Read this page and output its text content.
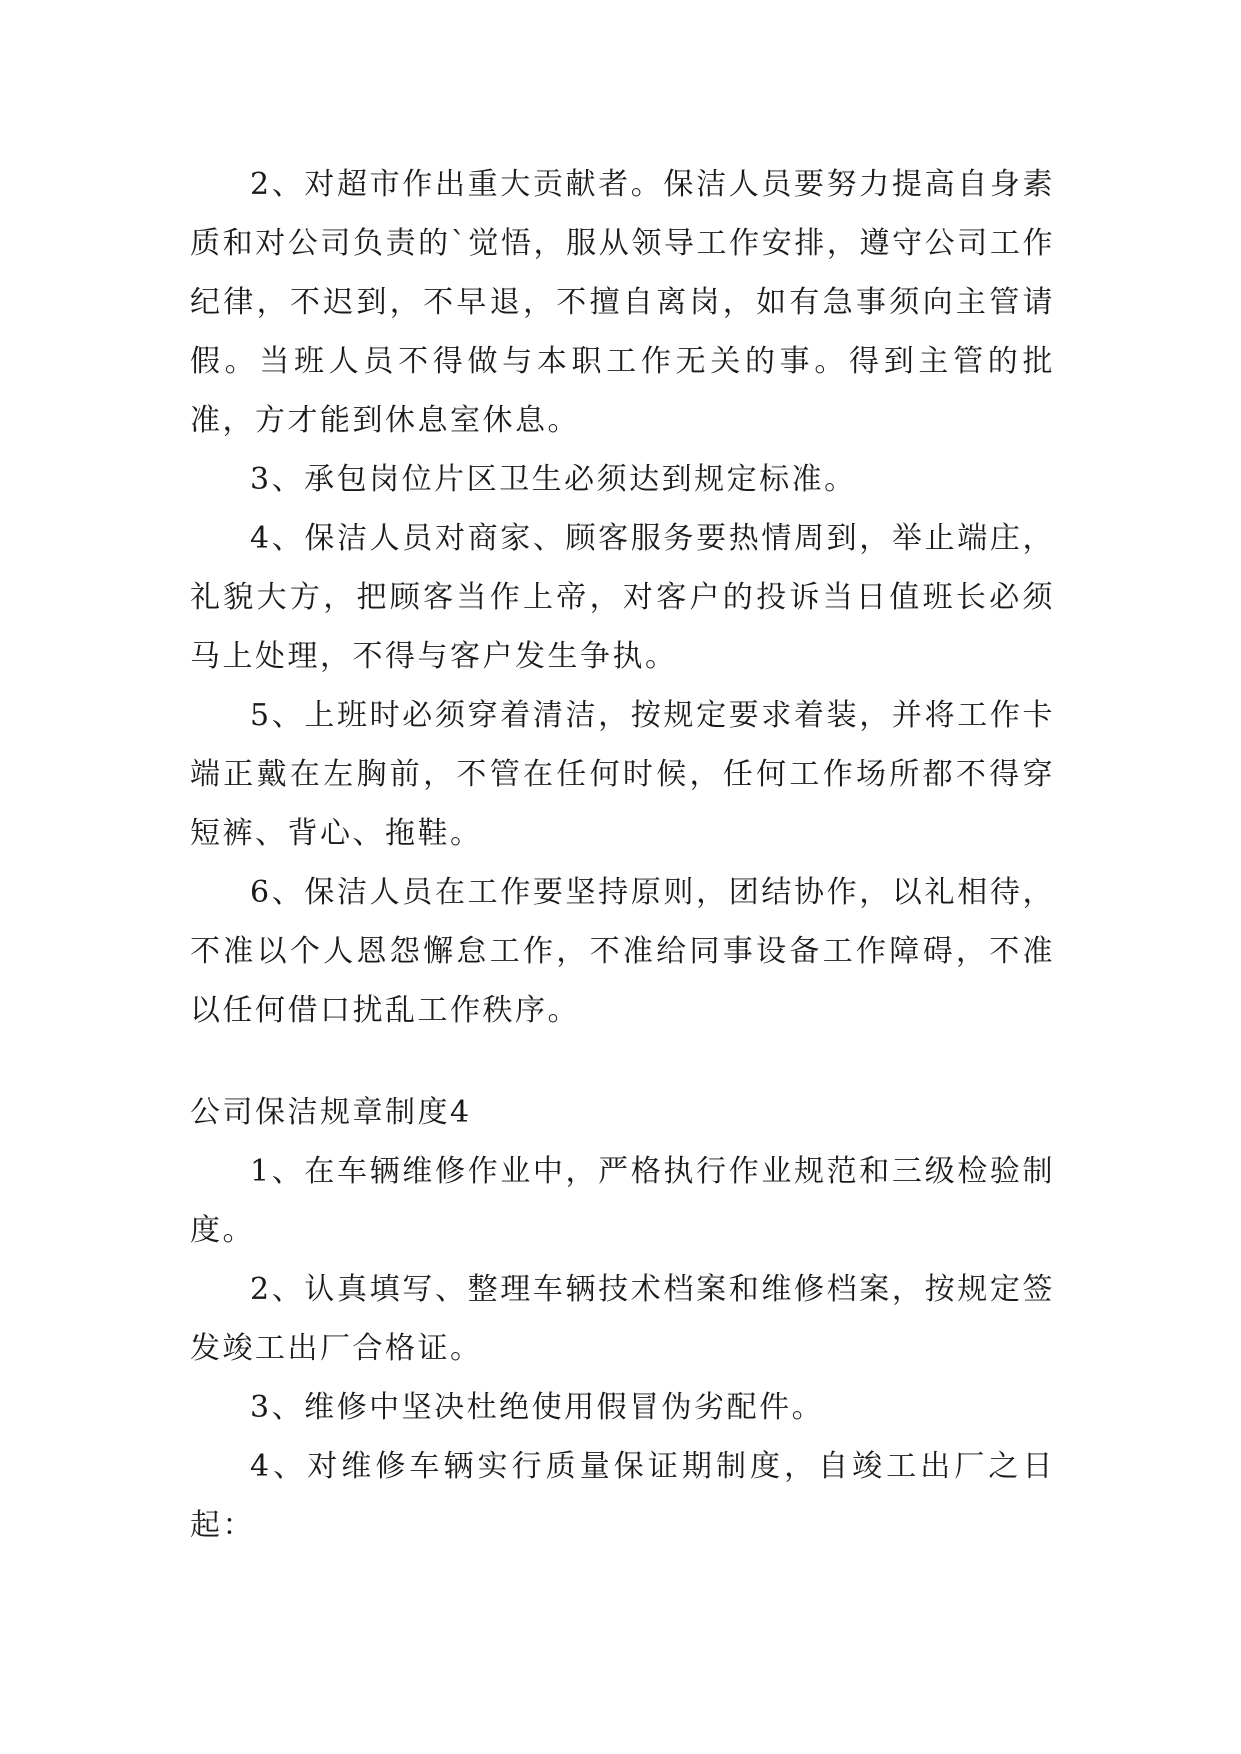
2、对超市作出重大贡献者。保洁人员要努力提高自身素质和对公司负责的`觉悟，服从领导工作安排，遵守公司工作纪律，不迟到，不早退，不擅自离岗，如有急事须向主管请假。当班人员不得做与本职工作无关的事。得到主管的批准，方才能到休息室休息。

3、承包岗位片区卫生必须达到规定标准。

4、保洁人员对商家、顾客服务要热情周到，举止端庄，礼貌大方，把顾客当作上帝，对客户的投诉当日值班长必须马上处理，不得与客户发生争执。

5、上班时必须穿着清洁，按规定要求着装，并将工作卡端正戴在左胸前，不管在任何时候，任何工作场所都不得穿短裤、背心、拖鞋。

6、保洁人员在工作要坚持原则，团结协作，以礼相待，不准以个人恩怨懈怠工作，不准给同事设备工作障碍，不准以任何借口扰乱工作秩序。

公司保洁规章制度4

1、在车辆维修作业中，严格执行作业规范和三级检验制度。

2、认真填写、整理车辆技术档案和维修档案，按规定签发竣工出厂合格证。

3、维修中坚决杜绝使用假冒伪劣配件。

4、对维修车辆实行质量保证期制度，自竣工出厂之日起：
